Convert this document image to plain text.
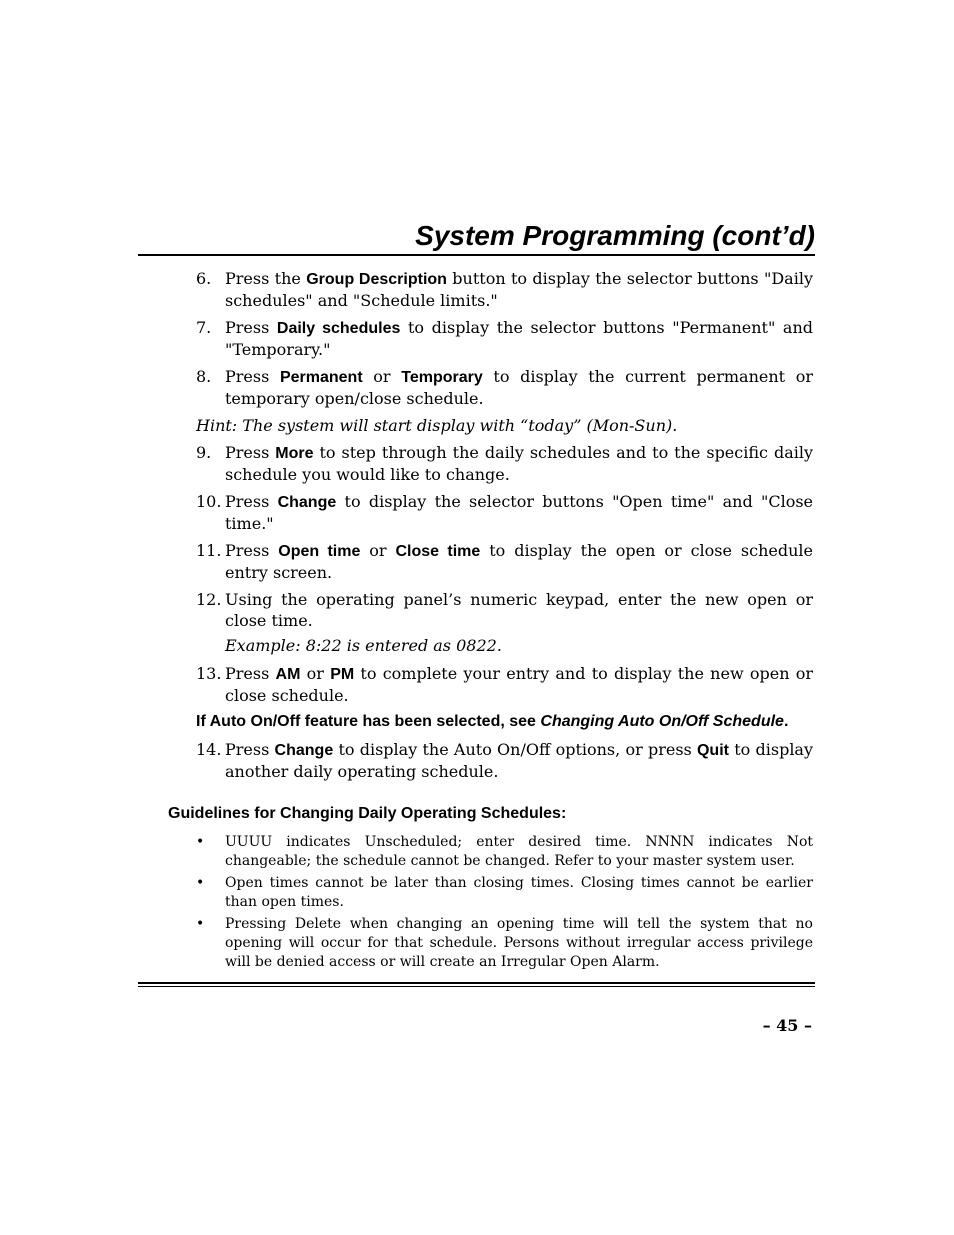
System Programming (cont’d)
6. Press the Group Description button to display the selector buttons "Daily schedules" and "Schedule limits."
7. Press Daily schedules to display the selector buttons "Permanent" and "Temporary."
8. Press Permanent or Temporary to display the current permanent or temporary open/close schedule.
Hint: The system will start display with “today” (Mon-Sun).
9. Press More to step through the daily schedules and to the specific daily schedule you would like to change.
10. Press Change to display the selector buttons "Open time" and "Close time."
11. Press Open time or Close time to display the open or close schedule entry screen.
12. Using the operating panel’s numeric keypad, enter the new open or close time.
Example: 8:22 is entered as 0822.
13. Press AM or PM to complete your entry and to display the new open or close schedule.
If Auto On/Off feature has been selected, see Changing Auto On/Off Schedule.
14. Press Change to display the Auto On/Off options, or press Quit to display another daily operating schedule.
Guidelines for Changing Daily Operating Schedules:
• UUUU indicates Unscheduled; enter desired time. NNNN indicates Not changeable; the schedule cannot be changed. Refer to your master system user.
• Open times cannot be later than closing times. Closing times cannot be earlier than open times.
• Pressing Delete when changing an opening time will tell the system that no opening will occur for that schedule. Persons without irregular access privilege will be denied access or will create an Irregular Open Alarm.
– 45 –
